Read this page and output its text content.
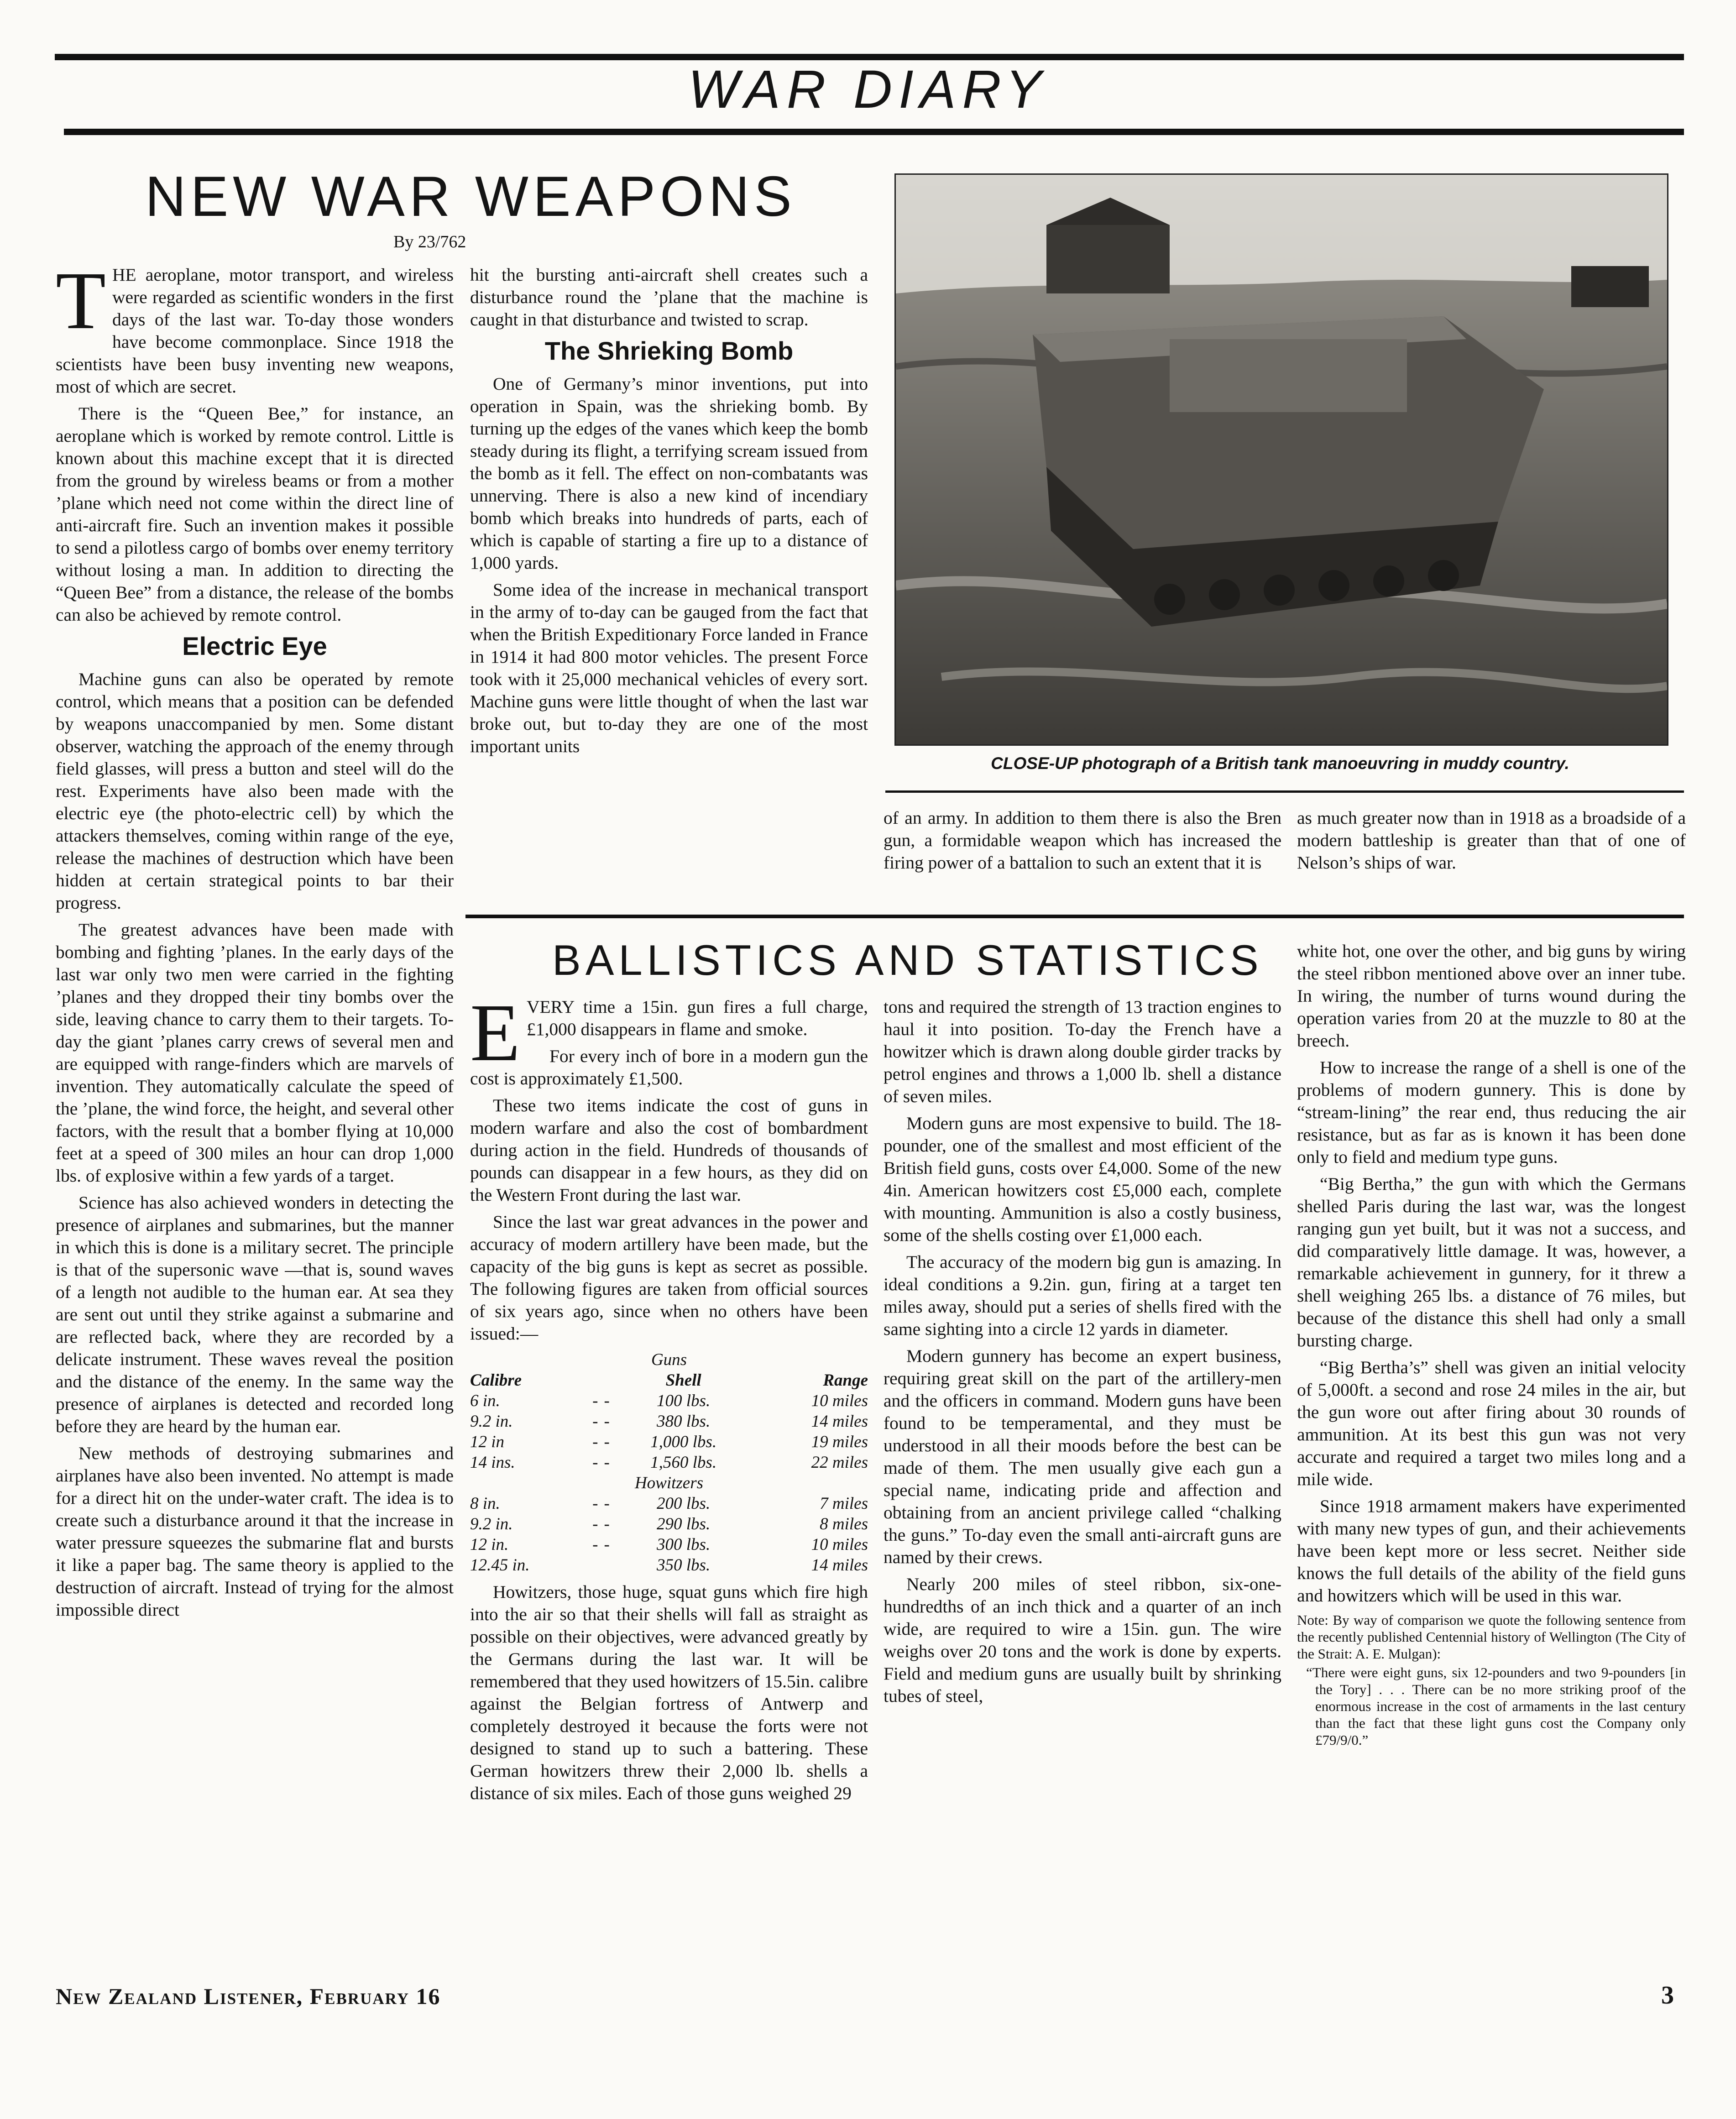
WAR DIARY
NEW WAR WEAPONS
By 23/762
T HE aeroplane, motor transport, and wireless were regarded as scientific wonders in the first days of the last war. To-day those wonders have become commonplace. Since 1918 the scientists have been busy inventing new weapons, most of which are secret.

There is the “Queen Bee,” for instance, an aeroplane which is worked by remote control. Little is known about this machine except that it is directed from the ground by wireless beams or from a mother ’plane which need not come within the direct line of anti-aircraft fire. Such an invention makes it possible to send a pilotless cargo of bombs over enemy territory without losing a man. In addition to directing the “Queen Bee” from a distance, the release of the bombs can also be achieved by remote control.

Electric Eye

Machine guns can also be operated by remote control, which means that a position can be defended by weapons unaccompanied by men. Some distant observer, watching the approach of the enemy through field glasses, will press a button and steel will do the rest. Experiments have also been made with the electric eye (the photo-electric cell) by which the attackers themselves, coming within range of the eye, release the machines of destruction which have been hidden at certain strategical points to bar their progress.

The greatest advances have been made with bombing and fighting ’planes. In the early days of the last war only two men were carried in the fighting ’planes and they dropped their tiny bombs over the side, leaving chance to carry them to their targets. To-day the giant ’planes carry crews of several men and are equipped with range-finders which are marvels of invention. They automatically calculate the speed of the ’plane, the wind force, the height, and several other factors, with the result that a bomber flying at 10,000 feet at a speed of 300 miles an hour can drop 1,000 lbs. of explosive within a few yards of a target.

Science has also achieved wonders in detecting the presence of airplanes and submarines, but the manner in which this is done is a military secret. The principle is that of the supersonic wave —that is, sound waves of a length not audible to the human ear. At sea they are sent out until they strike against a submarine and are reflected back, where they are recorded by a delicate instrument. These waves reveal the position and the distance of the enemy. In the same way the presence of airplanes is detected and recorded long before they are heard by the human ear.

New methods of destroying submarines and airplanes have also been invented. No attempt is made for a direct hit on the under-water craft. The idea is to create such a disturbance around it that the increase in water pressure squeezes the submarine flat and bursts it like a paper bag. The same theory is applied to the destruction of aircraft. Instead of trying for the almost impossible direct

hit the bursting anti-aircraft shell creates such a disturbance round the ’plane that the machine is caught in that disturbance and twisted to scrap.

The Shrieking Bomb

One of Germany’s minor inventions, put into operation in Spain, was the shrieking bomb. By turning up the edges of the vanes which keep the bomb steady during its flight, a terrifying scream issued from the bomb as it fell. The effect on non-combatants was unnerving. There is also a new kind of incendiary bomb which breaks into hundreds of parts, each of which is capable of starting a fire up to a distance of 1,000 yards.

Some idea of the increase in mechanical transport in the army of to-day can be gauged from the fact that when the British Expeditionary Force landed in France in 1914 it had 800 motor vehicles. The present Force took with it 25,000 mechanical vehicles of every sort. Machine guns were little thought of when the last war broke out, but to-day they are one of the most important units

CLOSE-UP photograph of a British tank manoeuvring in muddy country.

of an army. In addition to them there is also the Bren gun, a formidable weapon which has increased the firing power of a battalion to such an extent that it is

as much greater now than in 1918 as a broadside of a modern battleship is greater than that of one of Nelson’s ships of war.

BALLISTICS AND STATISTICS
E VERY time a 15in. gun fires a full charge, £1,000 disappears in flame and smoke.

For every inch of bore in a modern gun the cost is approximately £1,500.

These two items indicate the cost of guns in modern warfare and also the cost of bombardment during action in the field. Hundreds of thousands of pounds can disappear in a few hours, as they did on the Western Front during the last war.

Since the last war great advances in the power and accuracy of modern artillery have been made, but the capacity of the big guns is kept as secret as possible. The following figures are taken from official sources of six years ago, since when no others have been issued:—

Guns				
Calibre			Shell	Range
6 in.	-	-	100 lbs.	10 miles
9.2 in.	-	-	380 lbs.	14 miles
12 in	-	-	1,000 lbs.	19 miles
14 ins.	-	-	1,560 lbs.	22 miles
Howitzers				
8 in.	-	-	200 lbs.	7 miles
9.2 in.	-	-	290 lbs.	8 miles
12 in.	-	-	300 lbs.	10 miles
12.45 in.			350 lbs.	14 miles

Howitzers, those huge, squat guns which fire high into the air so that their shells will fall as straight as possible on their objectives, were advanced greatly by the Germans during the last war. It will be remembered that they used howitzers of 15.5in. calibre against the Belgian fortress of Antwerp and completely destroyed it because the forts were not designed to stand up to such a battering. These German howitzers threw their 2,000 lb. shells a distance of six miles. Each of those guns weighed 29

tons and required the strength of 13 traction engines to haul it into position. To-day the French have a howitzer which is drawn along double girder tracks by petrol engines and throws a 1,000 lb. shell a distance of seven miles.

Modern guns are most expensive to build. The 18-pounder, one of the smallest and most efficient of the British field guns, costs over £4,000. Some of the new 4in. American howitzers cost £5,000 each, complete with mounting. Ammunition is also a costly business, some of the shells costing over £1,000 each.

The accuracy of the modern big gun is amazing. In ideal conditions a 9.2in. gun, firing at a target ten miles away, should put a series of shells fired with the same sighting into a circle 12 yards in diameter.

Modern gunnery has become an expert business, requiring great skill on the part of the artillery-men and the officers in command. Modern guns have been found to be temperamental, and they must be understood in all their moods before the best can be made of them. The men usually give each gun a special name, indicating pride and affection and obtaining from an ancient privilege called “chalking the guns.” To-day even the small anti-aircraft guns are named by their crews.

Nearly 200 miles of steel ribbon, six-one-hundredths of an inch thick and a quarter of an inch wide, are required to wire a 15in. gun. The wire weighs over 20 tons and the work is done by experts. Field and medium guns are usually built by shrinking tubes of steel,

white hot, one over the other, and big guns by wiring the steel ribbon mentioned above over an inner tube. In wiring, the number of turns wound during the operation varies from 20 at the muzzle to 80 at the breech.

How to increase the range of a shell is one of the problems of modern gunnery. This is done by “stream-lining” the rear end, thus reducing the air resistance, but as far as is known it has been done only to field and medium type guns.

“Big Bertha,” the gun with which the Germans shelled Paris during the last war, was the longest ranging gun yet built, but it was not a success, and did comparatively little damage. It was, however, a remarkable achievement in gunnery, for it threw a shell weighing 265 lbs. a distance of 76 miles, but because of the distance this shell had only a small bursting charge.

“Big Bertha’s” shell was given an initial velocity of 5,000ft. a second and rose 24 miles in the air, but the gun wore out after firing about 30 rounds of ammunition. At its best this gun was not very accurate and required a target two miles long and a mile wide.

Since 1918 armament makers have experimented with many new types of gun, and their achievements have been kept more or less secret. Neither side knows the full details of the ability of the field guns and howitzers which will be used in this war.

Note: By way of comparison we quote the following sentence from the recently published Centennial history of Wellington (The City of the Strait: A. E. Mulgan):

“There were eight guns, six 12-pounders and two 9-pounders [in the Tory] . . . There can be no more striking proof of the enormous increase in the cost of armaments in the last century than the fact that these light guns cost the Company only £79/9/0.”

New Zealand Listener, February 16	3
